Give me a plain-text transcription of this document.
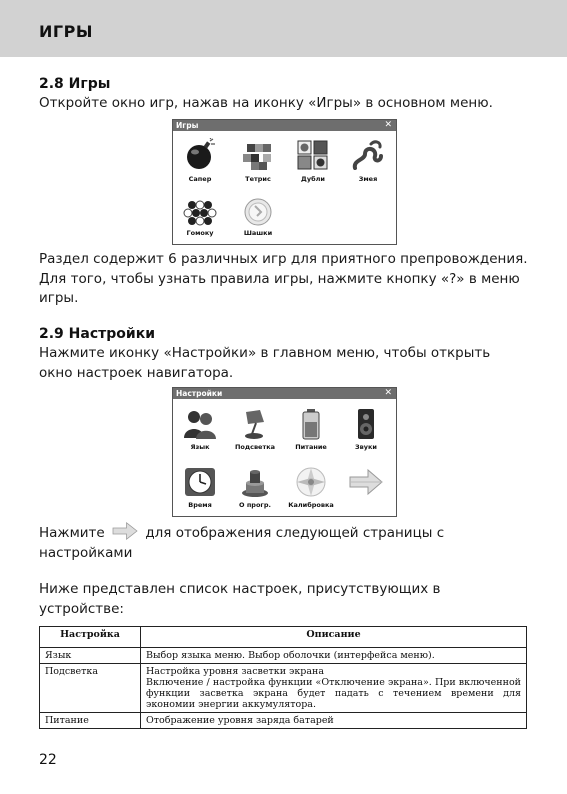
ИГРЫ
2.8 Игры
Откройте окно игр, нажав на иконку «Игры» в основном меню.
Игры	✕
Сапер	Тетрис	Дубли	Змея
Гомоку	Шашки
Раздел содержит 6 различных игр для приятного препровождения. Для того, чтобы узнать правила игры, нажмите кнопку «?» в меню игры.
2.9 Настройки
Нажмите иконку «Настройки» в главном меню, чтобы открыть окно настроек навигатора.
Настройки	✕
Язык	Подсветка	Питание	Звуки
Время	О прогр.	Калибровка
Нажмите	для отображения следующей страницы с настройками
Ниже представлен список настроек, присутствующих в устройстве:
Настройка	Описание
Язык	Выбор языка меню. Выбор оболочки (интерфейса меню).

Подсветка	Настройка уровня засветки экрана
Включение / настройка функции «Отключение экрана». При включенной функции засветка экрана будет падать с течением времени для экономии энергии аккумулятора.

Питание	Отображение уровня заряда батарей
22
